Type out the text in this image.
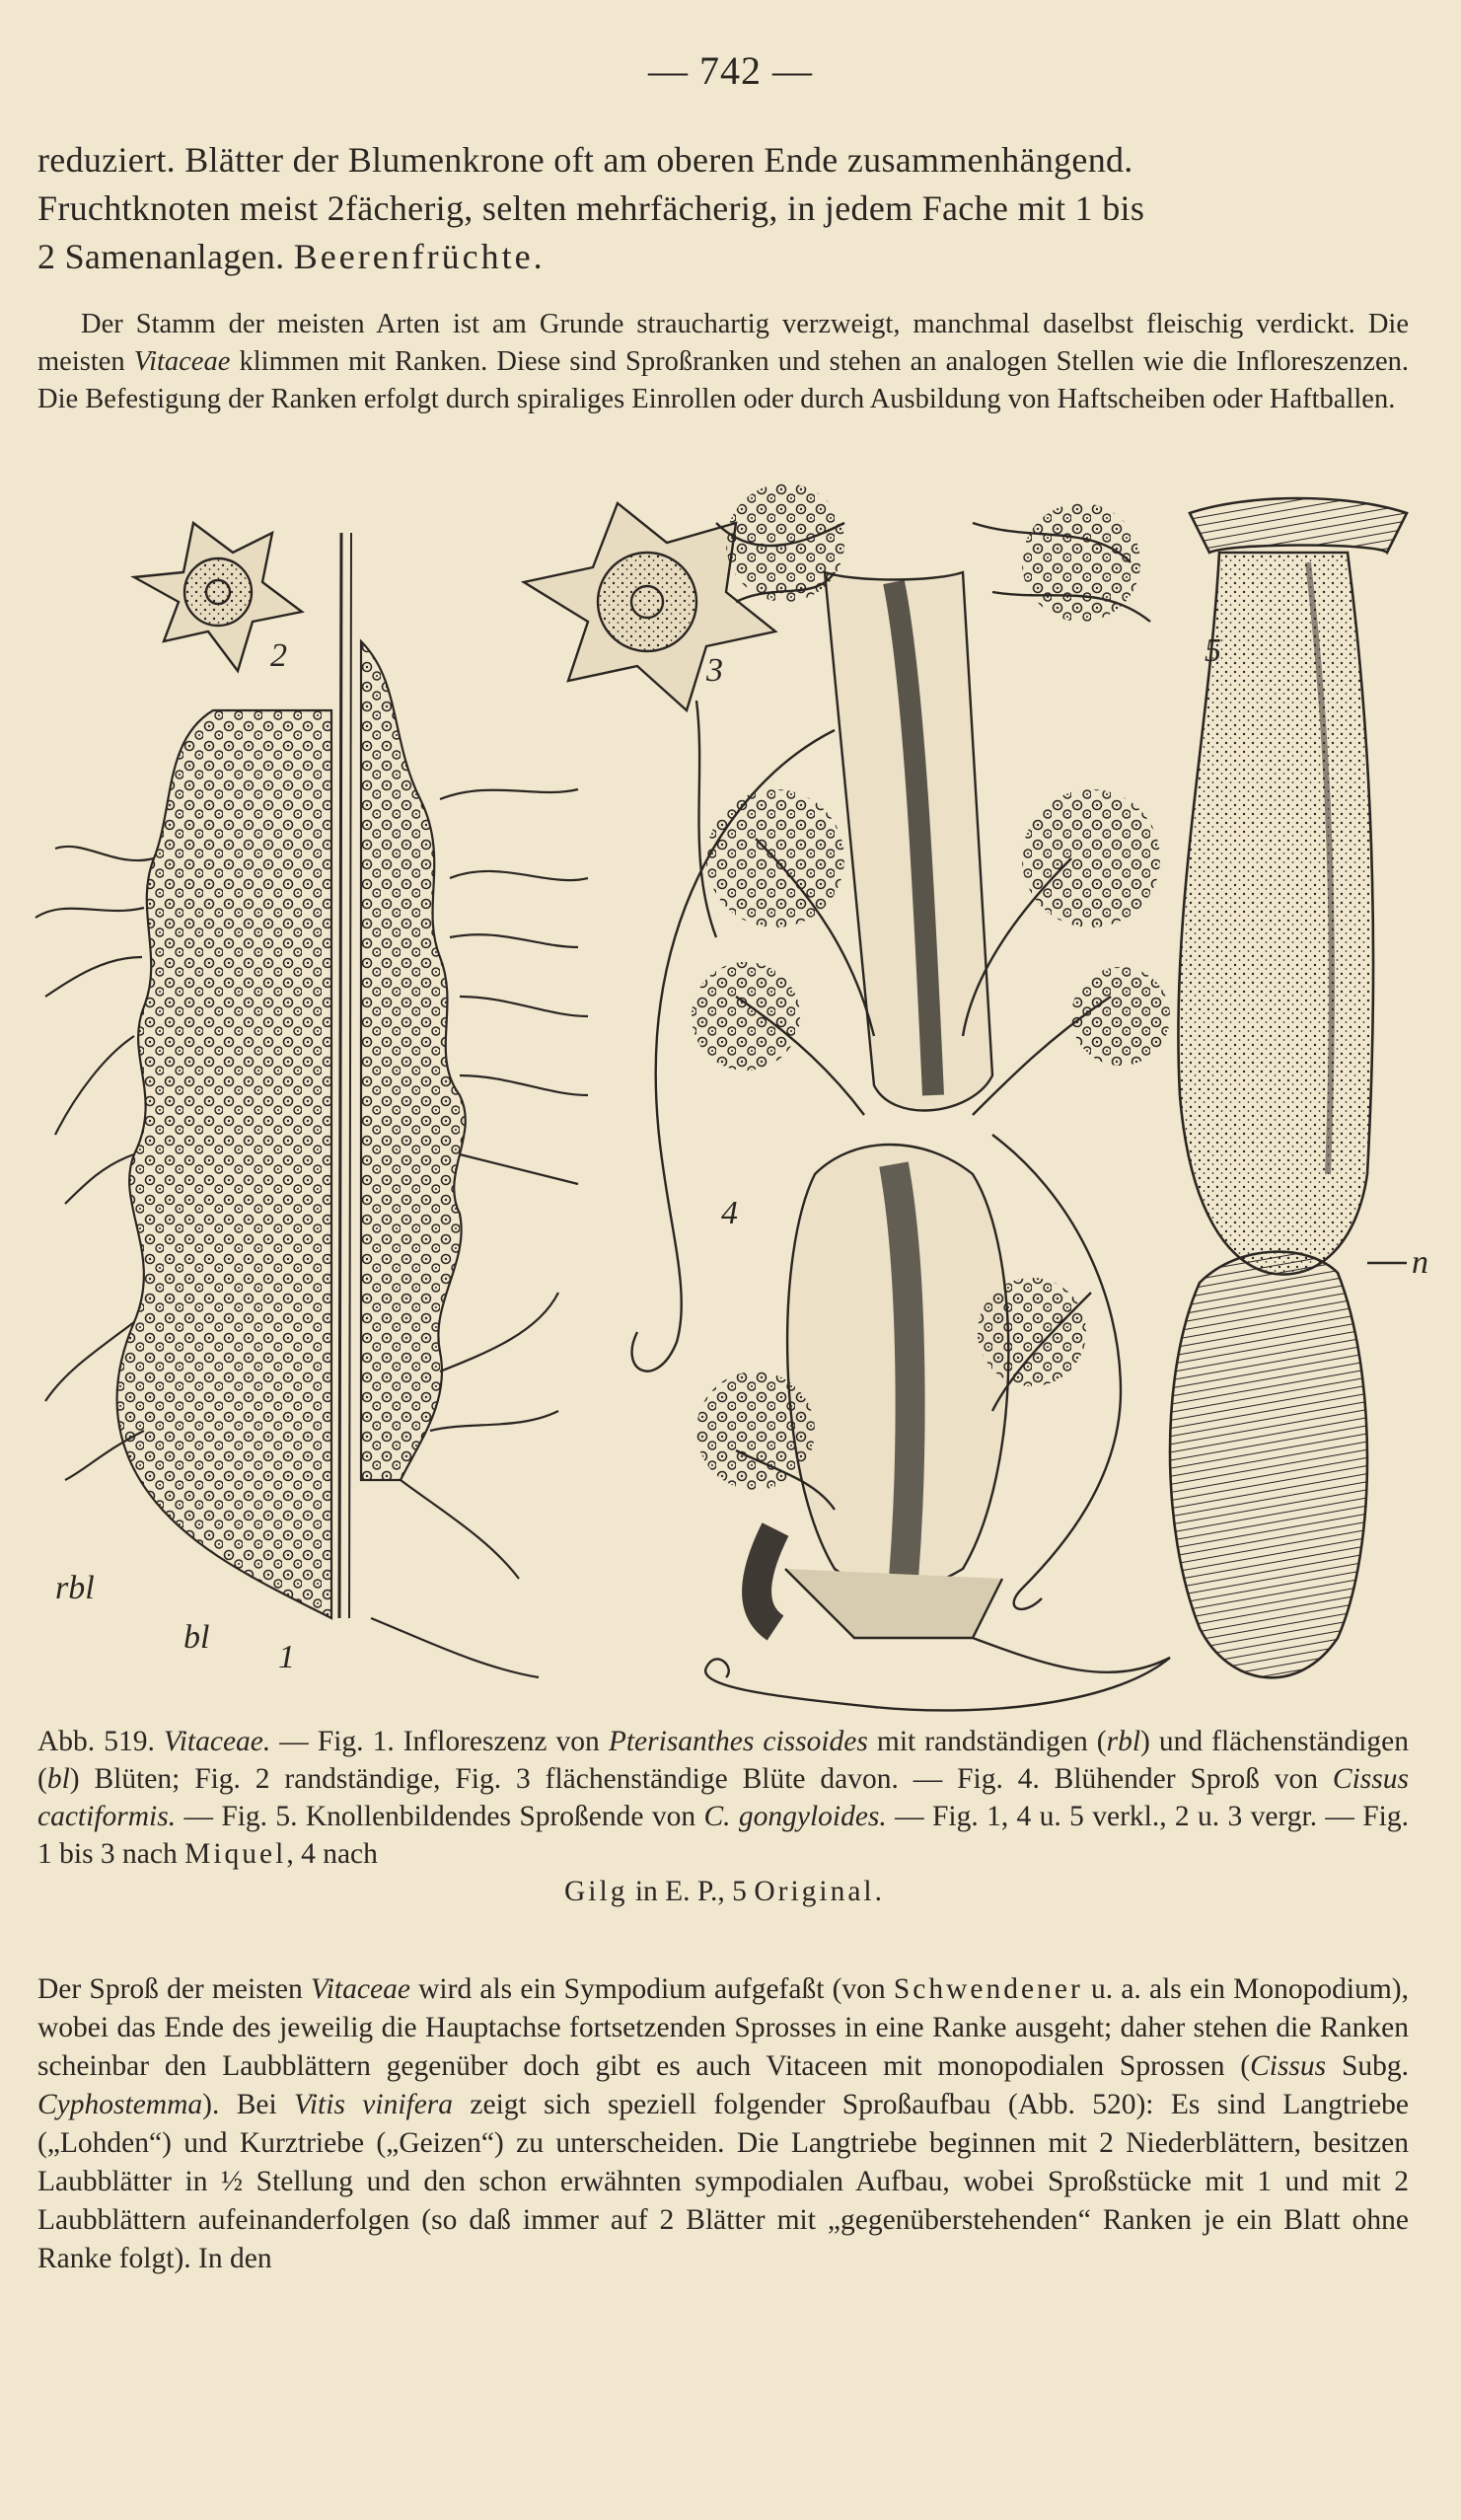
— 742 —
reduziert. Blätter der Blumenkrone oft am oberen Ende zusammenhängend.
Fruchtknoten meist 2fächerig, selten mehrfächerig, in jedem Fache mit 1 bis
2 Samenanlagen. Beerenfrüchte.
Der Stamm der meisten Arten ist am Grunde strauchartig verzweigt, manchmal daselbst fleischig verdickt. Die meisten Vitaceae klimmen mit Ranken. Diese sind Sproßranken und stehen an analogen Stellen wie die Infloreszenzen. Die Befestigung der Ranken erfolgt durch spiraliges Einrollen oder durch Ausbildung von Haftscheiben oder Haftballen.
2	3
4
5
1
rbl
bl
n
Abb. 519. Vitaceae. — Fig. 1. Infloreszenz von Pterisanthes cissoides mit randständigen (rbl) und flächenständigen (bl) Blüten; Fig. 2 randständige, Fig. 3 flächenständige Blüte davon. — Fig. 4. Blühender Sproß von Cissus cactiformis. — Fig. 5. Knollenbildendes Sproßende von C. gongyloides. — Fig. 1, 4 u. 5 verkl., 2 u. 3 vergr. — Fig. 1 bis 3 nach Miquel, 4 nach
Gilg in E. P., 5 Original.
Der Sproß der meisten Vitaceae wird als ein Sympodium aufgefaßt (von Schwendener u. a. als ein Monopodium), wobei das Ende des jeweilig die Hauptachse fortsetzenden Sprosses in eine Ranke ausgeht; daher stehen die Ranken scheinbar den Laubblättern gegenüber doch gibt es auch Vitaceen mit monopodialen Sprossen (Cissus Subg. Cyphostemma). Bei Vitis vinifera zeigt sich speziell folgender Sproßaufbau (Abb. 520): Es sind Langtriebe („Lohden“) und Kurztriebe („Geizen“) zu unterscheiden. Die Langtriebe beginnen mit 2 Niederblättern, besitzen Laubblätter in ½ Stellung und den schon erwähnten sympodialen Aufbau, wobei Sproßstücke mit 1 und mit 2 Laubblättern aufeinanderfolgen (so daß immer auf 2 Blätter mit „gegenüberstehenden“ Ranken je ein Blatt ohne Ranke folgt). In den
